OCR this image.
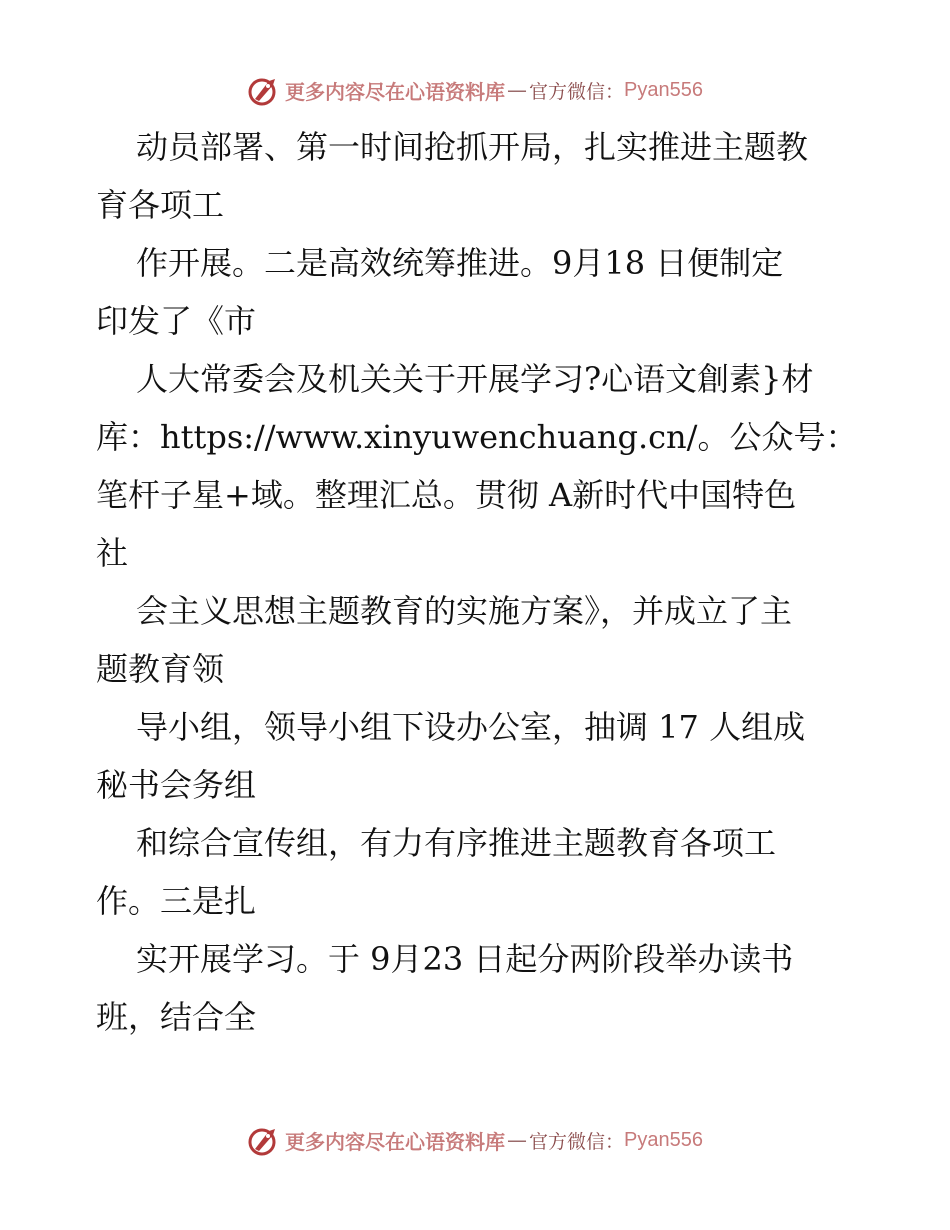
更多内容尽在心语资料库 — 官方微信： Pyan556
动员部署、第一时间抢抓开局，扎实推进主题教
育各项工
作开展。二是高效统筹推进。9月18 日便制定
印发了《市
人大常委会及机关关于开展学习?心语文創素}材
库：https://www.xinyuwenchuang.cn/。公众号：
笔杆子星+域。整理汇总。贯彻 A新时代中国特色
社
会主义思想主题教育的实施方案》，并成立了主
题教育领
导小组，领导小组下设办公室，抽调 17 人组成
秘书会务组
和综合宣传组，有力有序推进主题教育各项工
作。三是扎
实开展学习。于 9月23 日起分两阶段举办读书
班，结合全
更多内容尽在心语资料库 — 官方微信： Pyan556
